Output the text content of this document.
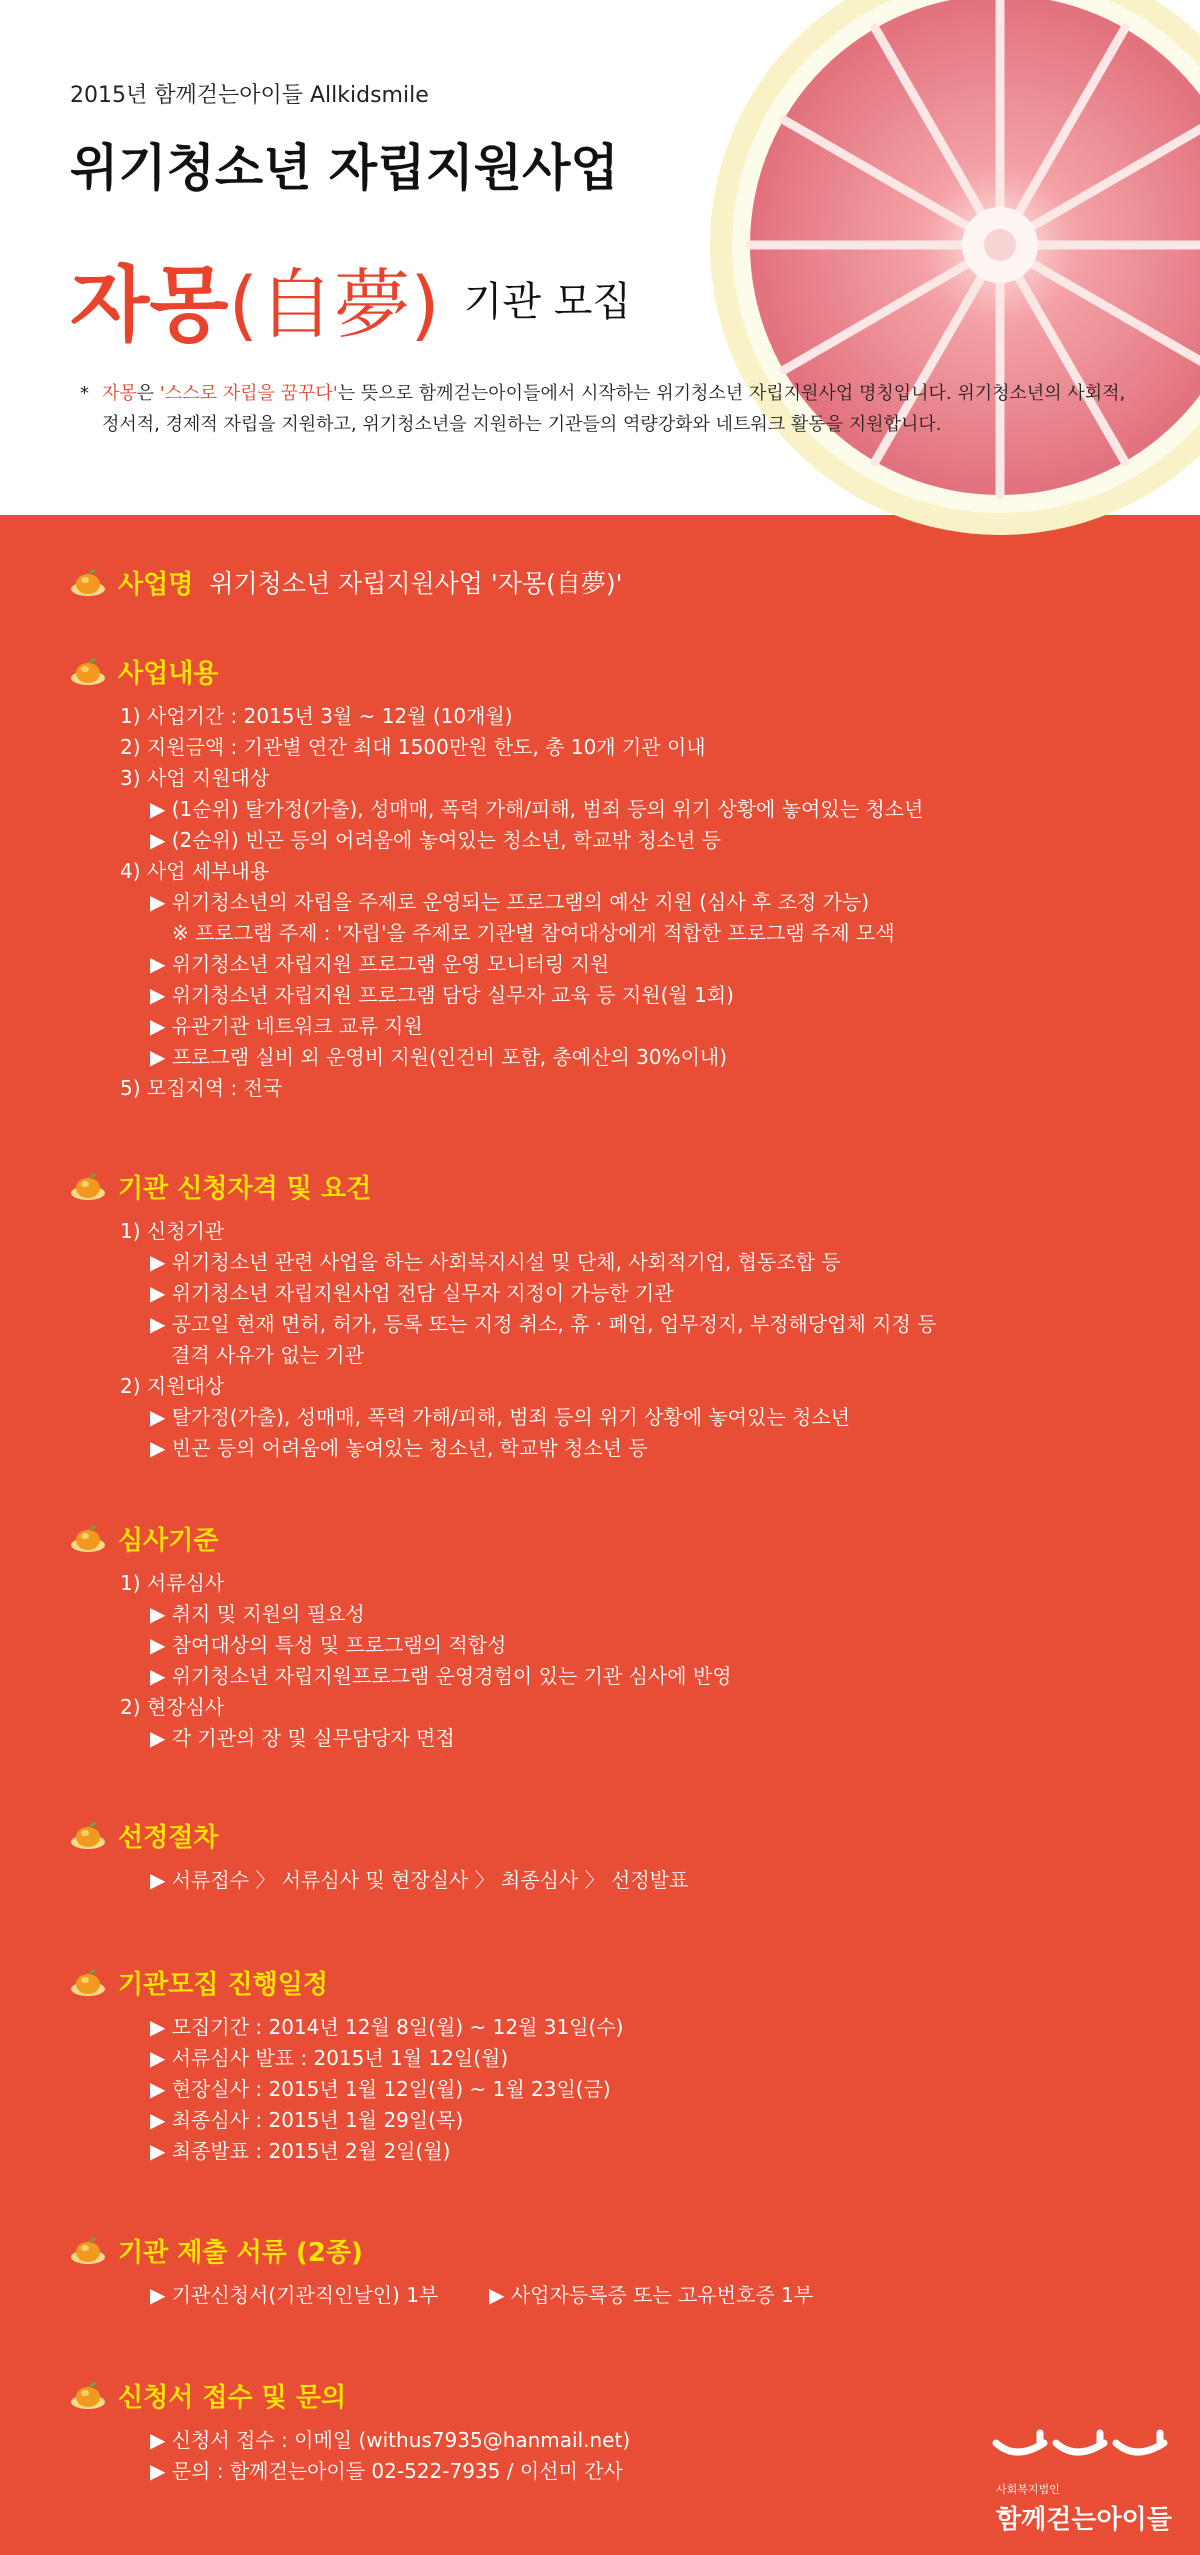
2015년 함께걷는아이들 Allkidsmile
위기청소년 자립지원사업
자몽(自夢) 기관 모집
* 자몽은 '스스로 자립을 꿈꾸다'는 뜻으로 함께걷는아이들에서 시작하는 위기청소년 자립지원사업 명칭입니다. 위기청소년의 사회적, 정서적, 경제적 자립을 지원하고, 위기청소년을 지원하는 기관들의 역량강화와 네트워크 활동을 지원합니다.
사업명 위기청소년 자립지원사업 '자몽(自夢)'
사업내용
1) 사업기간 : 2015년 3월 ~ 12월 (10개월)
2) 지원금액 : 기관별 연간 최대 1500만원 한도, 총 10개 기관 이내
3) 사업 지원대상
▶ (1순위) 탈가정(가출), 성매매, 폭력 가해/피해, 범죄 등의 위기 상황에 놓여있는 청소년
▶ (2순위) 빈곤 등의 어려움에 놓여있는 청소년, 학교밖 청소년 등
4) 사업 세부내용
▶ 위기청소년의 자립을 주제로 운영되는 프로그램의 예산 지원 (심사 후 조정 가능)
※ 프로그램 주제 : '자립'을 주제로 기관별 참여대상에게 적합한 프로그램 주제 모색
▶ 위기청소년 자립지원 프로그램 운영 모니터링 지원
▶ 위기청소년 자립지원 프로그램 담당 실무자 교육 등 지원(월 1회)
▶ 유관기관 네트워크 교류 지원
▶ 프로그램 실비 외 운영비 지원(인건비 포함, 총예산의 30%이내)
5) 모집지역 : 전국
기관 신청자격 및 요건
1) 신청기관
▶ 위기청소년 관련 사업을 하는 사회복지시설 및 단체, 사회적기업, 협동조합 등
▶ 위기청소년 자립지원사업 전담 실무자 지정이 가능한 기관
▶ 공고일 현재 면허, 허가, 등록 또는 지정 취소, 휴 · 폐업, 업무정지, 부정해당업체 지정 등
결격 사유가 없는 기관
2) 지원대상
▶ 탈가정(가출), 성매매, 폭력 가해/피해, 범죄 등의 위기 상황에 놓여있는 청소년
▶ 빈곤 등의 어려움에 놓여있는 청소년, 학교밖 청소년 등
심사기준
1) 서류심사
▶ 취지 및 지원의 필요성
▶ 참여대상의 특성 및 프로그램의 적합성
▶ 위기청소년 자립지원프로그램 운영경험이 있는 기관 심사에 반영
2) 현장심사
▶ 각 기관의 장 및 실무담당자 면접
선정절차
▶ 서류접수 〉 서류심사 및 현장실사 〉 최종심사 〉 선정발표
기관모집 진행일정
▶ 모집기간 : 2014년 12월 8일(월) ~ 12월 31일(수)
▶ 서류심사 발표 : 2015년 1월 12일(월)
▶ 현장실사 : 2015년 1월 12일(월) ~ 1월 23일(금)
▶ 최종심사 : 2015년 1월 29일(목)
▶ 최종발표 : 2015년 2월 2일(월)
기관 제출 서류 (2종)
▶ 기관신청서(기관직인날인) 1부        ▶ 사업자등록증 또는 고유번호증 1부
신청서 접수 및 문의
▶ 신청서 접수 : 이메일 (withus7935@hanmail.net)
▶ 문의 : 함께걷는아이들 02-522-7935 / 이선미 간사
사회복지법인
함께걷는아이들
